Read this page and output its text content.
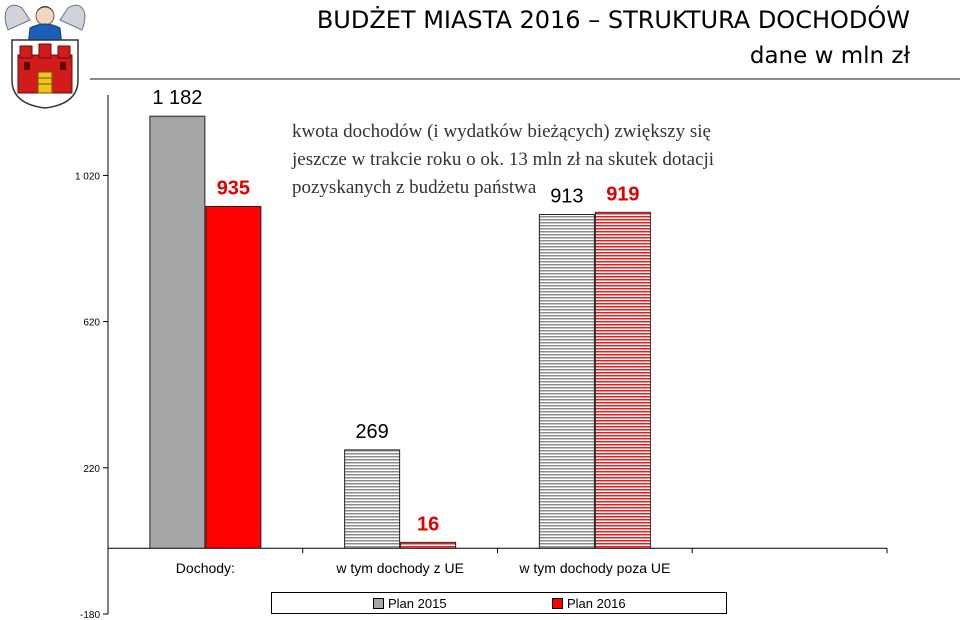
BUDŻET MIASTA 2016 – STRUKTURA DOCHODÓW
dane w mln zł
kwota dochodów (i wydatków bieżących) zwiększy się
jeszcze w trakcie roku o ok. 13 mln zł na skutek dotacji
pozyskanych z budżetu państwa
1 020
620
220
-180
Dochody:
1 182
935
w tym dochody z UE
269
16
w tym dochody poza UE
913 919
Plan 2015	Plan 2016
